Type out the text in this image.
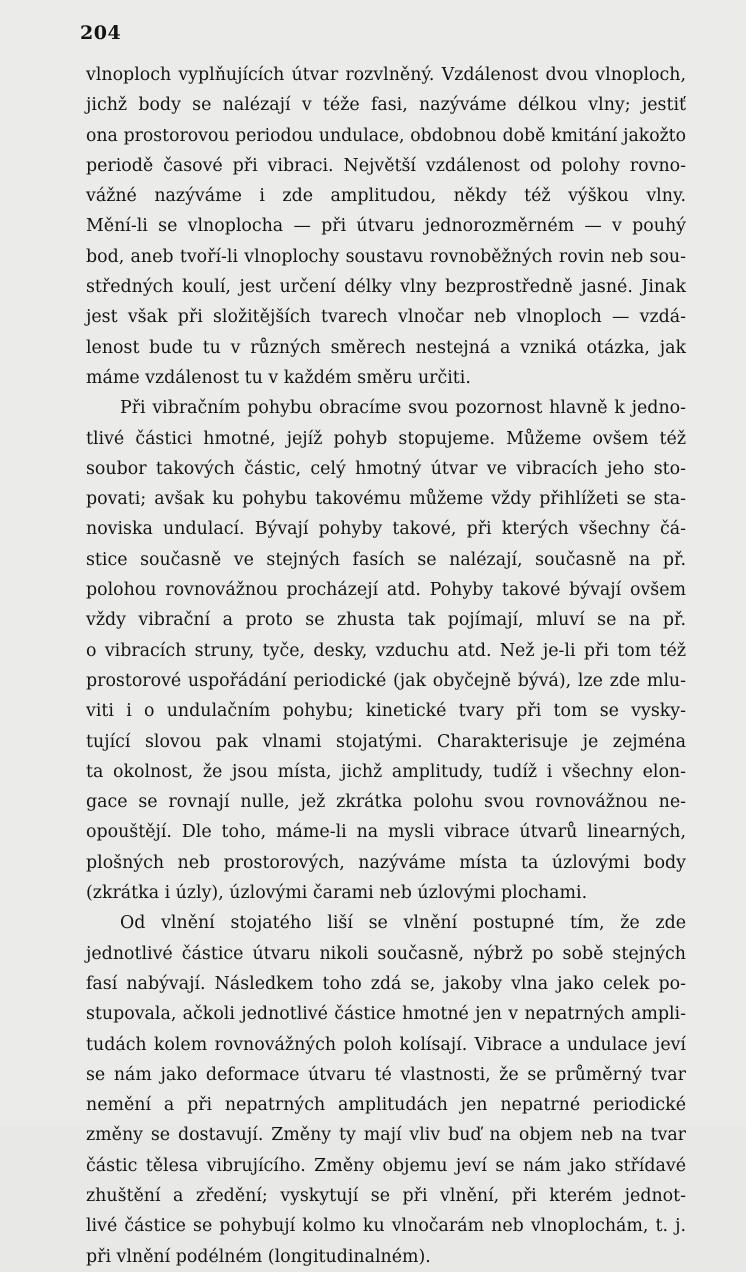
204
vlnoploch vyplňujících útvar rozvlněný. Vzdálenost dvou vlnoploch,
jichž body se nalézají v téže fasi, nazýváme délkou vlny; jestiť
ona prostorovou periodou undulace, obdobnou době kmitání jakožto
periodě časové při vibraci. Největší vzdálenost od polohy rovno-
vážné nazýváme i zde amplitudou, někdy též výškou vlny.
Mění-li se vlnoplocha — při útvaru jednorozměrném — v pouhý
bod, aneb tvoří-li vlnoplochy soustavu rovnoběžných rovin neb sou-
středných koulí, jest určení délky vlny bezprostředně jasné. Jinak
jest však při složitějších tvarech vlnočar neb vlnoploch — vzdá-
lenost bude tu v různých směrech nestejná a vzniká otázka, jak
máme vzdálenost tu v každém směru určiti.
Při vibračním pohybu obracíme svou pozornost hlavně k jedno-
tlivé částici hmotné, jejíž pohyb stopujeme. Můžeme ovšem též
soubor takových částic, celý hmotný útvar ve vibracích jeho sto-
povati; avšak ku pohybu takovému můžeme vždy přihlížeti se sta-
noviska undulací. Bývají pohyby takové, při kterých všechny čá-
stice současně ve stejných fasích se nalézají, současně na př.
polohou rovnovážnou procházejí atd. Pohyby takové bývají ovšem
vždy vibrační a proto se zhusta tak pojímají, mluví se na př.
o vibracích struny, tyče, desky, vzduchu atd. Než je-li při tom též
prostorové uspořádání periodické (jak obyčejně bývá), lze zde mlu-
viti i o undulačním pohybu; kinetické tvary při tom se vysky-
tující slovou pak vlnami stojatými. Charakterisuje je zejména
ta okolnost, že jsou místa, jichž amplitudy, tudíž i všechny elon-
gace se rovnají nulle, jež zkrátka polohu svou rovnovážnou ne-
opouštějí. Dle toho, máme-li na mysli vibrace útvarů linearných,
plošných neb prostorových, nazýváme místa ta úzlovými body
(zkrátka i úzly), úzlovými čarami neb úzlovými plochami.
Od vlnění stojatého liší se vlnění postupné tím, že zde
jednotlivé částice útvaru nikoli současně, nýbrž po sobě stejných
fasí nabývají. Následkem toho zdá se, jakoby vlna jako celek po-
stupovala, ačkoli jednotlivé částice hmotné jen v nepatrných ampli-
tudách kolem rovnovážných poloh kolísají. Vibrace a undulace jeví
se nám jako deformace útvaru té vlastnosti, že se průměrný tvar
nemění a při nepatrných amplitudách jen nepatrné periodické
změny se dostavují. Změny ty mají vliv buď na objem neb na tvar
částic tělesa vibrujícího. Změny objemu jeví se nám jako střídavé
zhuštění a zředění; vyskytují se při vlnění, při kterém jednot-
livé částice se pohybují kolmo ku vlnočarám neb vlnoplochám, t. j.
při vlnění podélném (longitudinalném).
